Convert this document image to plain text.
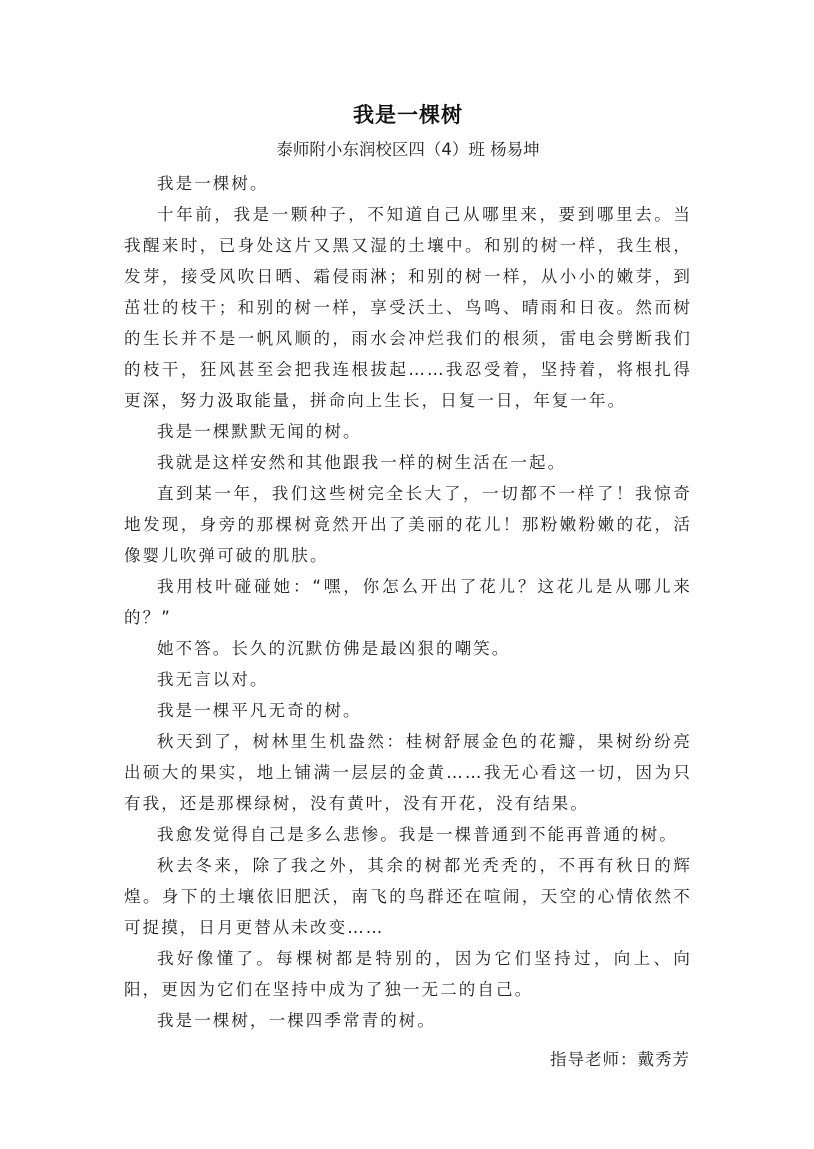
我是一棵树
泰师附小东润校区四（4）班 杨易坤

我是一棵树。

十年前，我是一颗种子，不知道自己从哪里来，要到哪里去。当我醒来时，已身处这片又黑又湿的土壤中。和别的树一样，我生根，发芽，接受风吹日晒、霜侵雨淋；和别的树一样，从小小的嫩芽，到茁壮的枝干；和别的树一样，享受沃土、鸟鸣、晴雨和日夜。然而树的生长并不是一帆风顺的，雨水会冲烂我们的根须，雷电会劈断我们的枝干，狂风甚至会把我连根拔起……我忍受着，坚持着，将根扎得更深，努力汲取能量，拼命向上生长，日复一日，年复一年。

我是一棵默默无闻的树。

我就是这样安然和其他跟我一样的树生活在一起。

直到某一年，我们这些树完全长大了，一切都不一样了！我惊奇地发现，身旁的那棵树竟然开出了美丽的花儿！那粉嫩粉嫩的花，活像婴儿吹弹可破的肌肤。

我用枝叶碰碰她：“嘿，你怎么开出了花儿？这花儿是从哪儿来的？”

她不答。长久的沉默仿佛是最凶狠的嘲笑。

我无言以对。

我是一棵平凡无奇的树。

秋天到了，树林里生机盎然：桂树舒展金色的花瓣，果树纷纷亮出硕大的果实，地上铺满一层层的金黄……我无心看这一切，因为只有我，还是那棵绿树，没有黄叶，没有开花，没有结果。

我愈发觉得自己是多么悲惨。我是一棵普通到不能再普通的树。

秋去冬来，除了我之外，其余的树都光秃秃的，不再有秋日的辉煌。身下的土壤依旧肥沃，南飞的鸟群还在喧闹，天空的心情依然不可捉摸，日月更替从未改变……

我好像懂了。每棵树都是特别的，因为它们坚持过，向上、向阳，更因为它们在坚持中成为了独一无二的自己。

我是一棵树，一棵四季常青的树。

指导老师：戴秀芳
